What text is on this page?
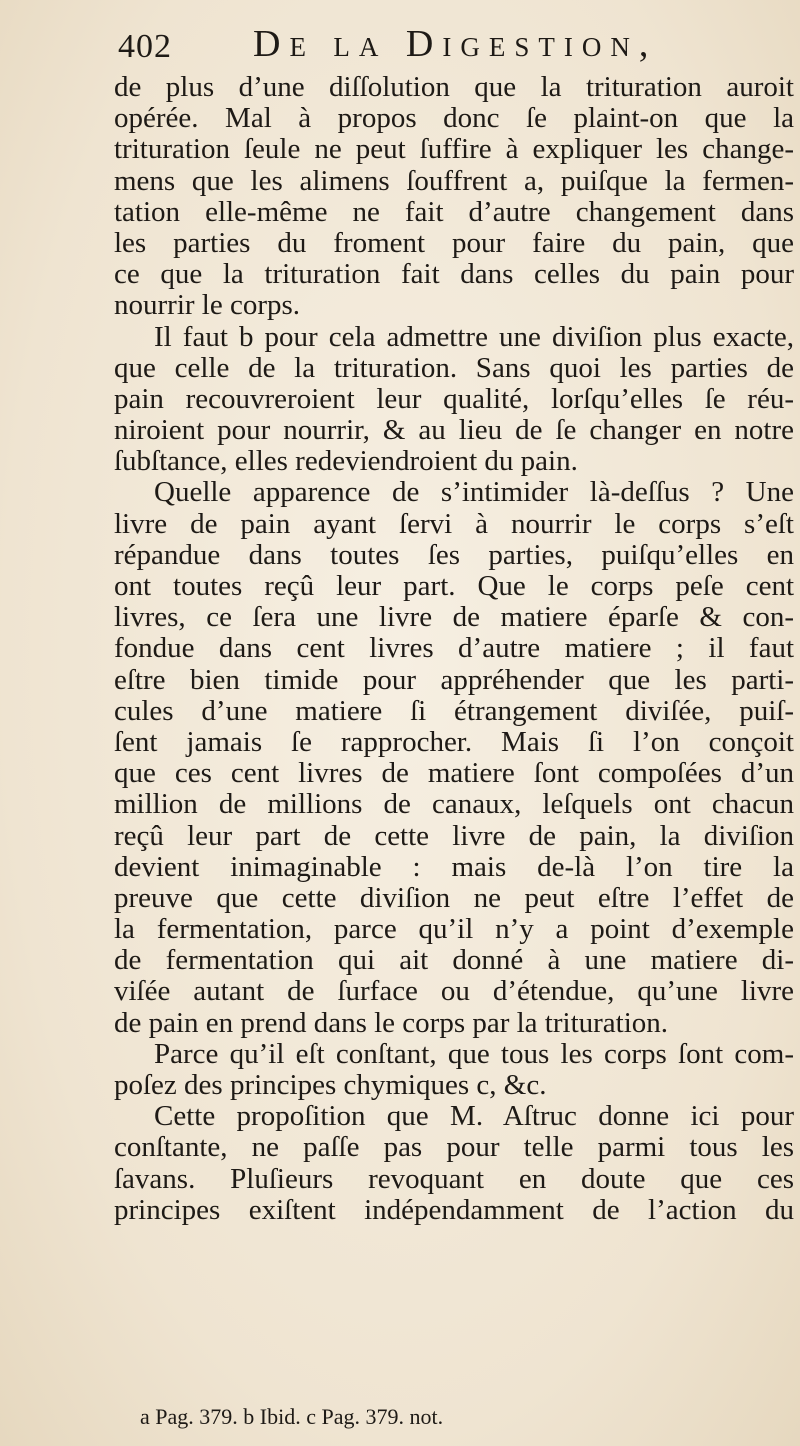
402 De la Digestion,
de plus d’une diſſolution que la trituration auroit
opérée. Mal à propos donc ſe plaint-on que la
trituration ſeule ne peut ſuffire à expliquer les change-
mens que les alimens ſouffrent a, puiſque la fermen-
tation elle-même ne fait d’autre changement dans
les parties du froment pour faire du pain, que
ce que la trituration fait dans celles du pain pour
nourrir le corps.
Il faut b pour cela admettre une diviſion plus exacte,
que celle de la trituration. Sans quoi les parties de
pain recouvreroient leur qualité, lorſqu’elles ſe réu-
niroient pour nourrir, & au lieu de ſe changer en notre
ſubſtance, elles redeviendroient du pain.
Quelle apparence de s’intimider là-deſſus ? Une
livre de pain ayant ſervi à nourrir le corps s’eſt
répandue dans toutes ſes parties, puiſqu’elles en
ont toutes reçû leur part. Que le corps peſe cent
livres, ce ſera une livre de matiere éparſe & con-
fondue dans cent livres d’autre matiere ; il faut
eſtre bien timide pour appréhender que les parti-
cules d’une matiere ſi étrangement diviſée, puiſ-
ſent jamais ſe rapprocher. Mais ſi l’on conçoit
que ces cent livres de matiere ſont compoſées d’un
million de millions de canaux, leſquels ont chacun
reçû leur part de cette livre de pain, la diviſion
devient inimaginable : mais de-là l’on tire la
preuve que cette diviſion ne peut eſtre l’effet de
la fermentation, parce qu’il n’y a point d’exemple
de fermentation qui ait donné à une matiere di-
viſée autant de ſurface ou d’étendue, qu’une livre
de pain en prend dans le corps par la trituration.
Parce qu’il eſt conſtant, que tous les corps ſont com-
poſez des principes chymiques c, &c.
Cette propoſition que M. Aſtruc donne ici pour
conſtante, ne paſſe pas pour telle parmi tous les
ſavans. Pluſieurs revoquant en doute que ces
principes exiſtent indépendamment de l’action du
a Pag. 379. b Ibid. c Pag. 379. not.
